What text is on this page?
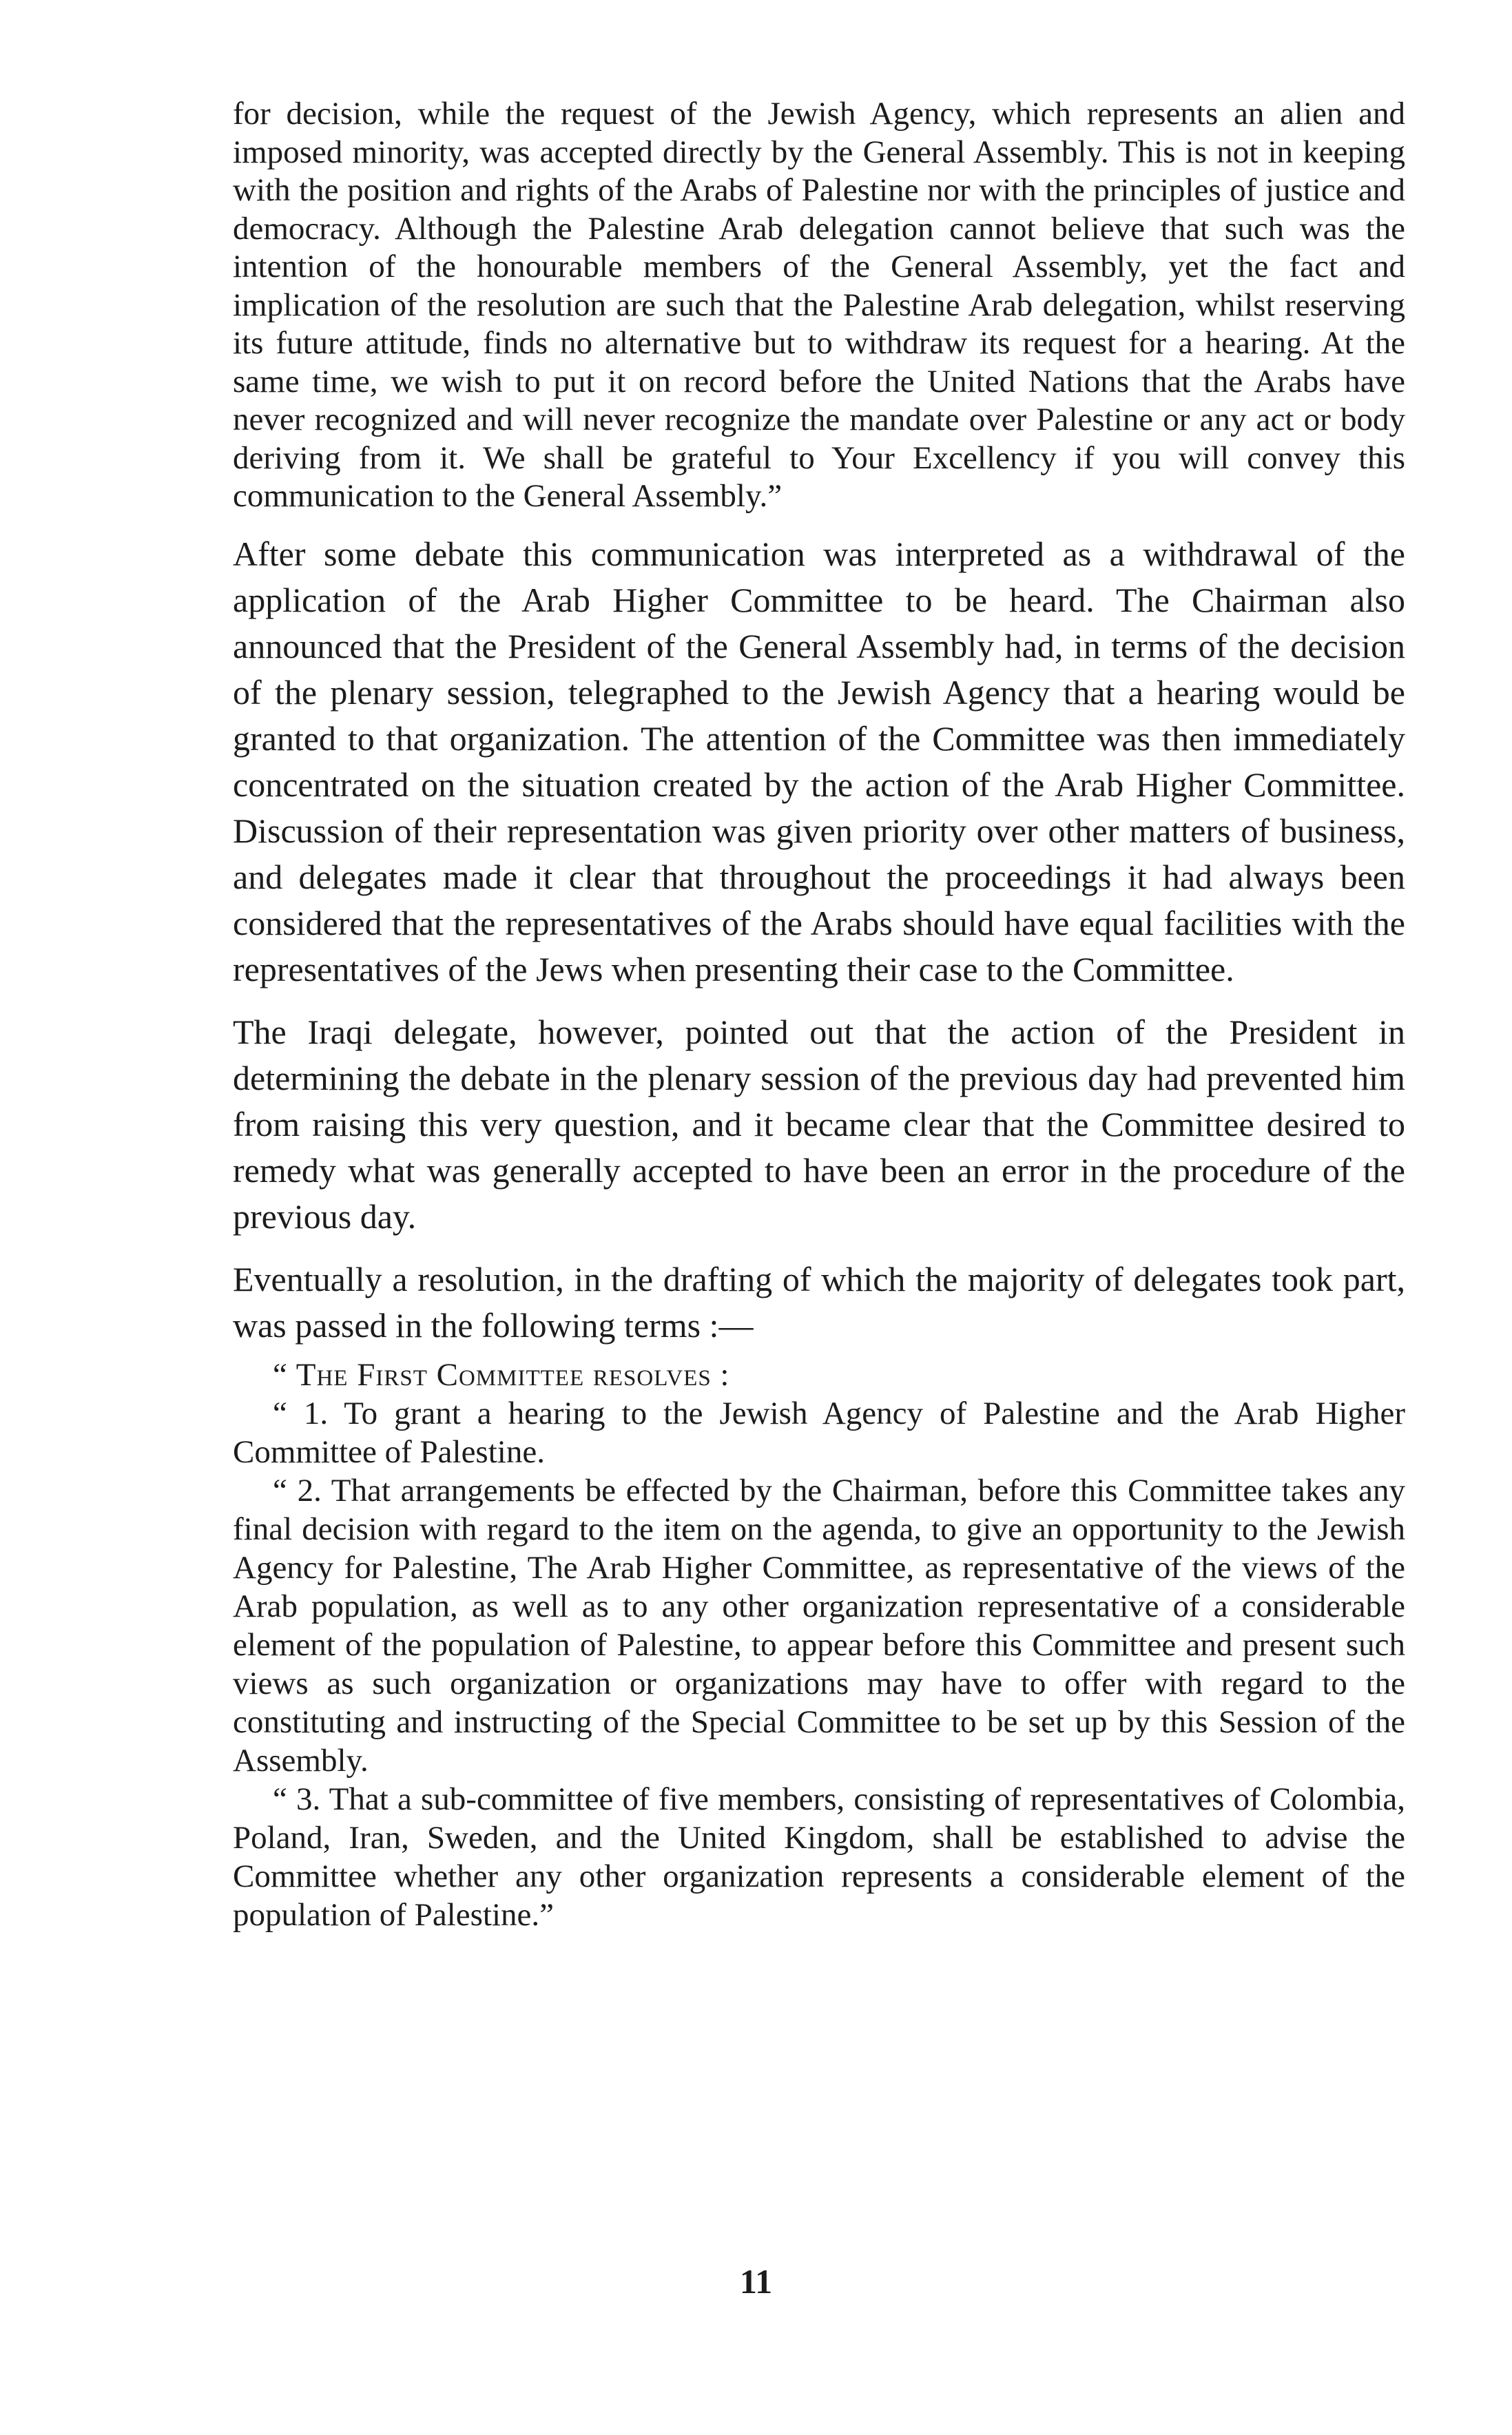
for decision, while the request of the Jewish Agency, which represents an alien and imposed minority, was accepted directly by the General Assembly. This is not in keeping with the position and rights of the Arabs of Palestine nor with the principles of justice and democracy. Although the Palestine Arab delegation cannot believe that such was the intention of the honourable members of the General Assembly, yet the fact and implication of the resolution are such that the Palestine Arab delegation, whilst reserving its future attitude, finds no alternative but to withdraw its request for a hearing. At the same time, we wish to put it on record before the United Nations that the Arabs have never recognized and will never recognize the mandate over Palestine or any act or body deriving from it. We shall be grateful to Your Excellency if you will convey this communication to the General Assembly.”

After some debate this communication was interpreted as a withdrawal of the application of the Arab Higher Committee to be heard. The Chairman also announced that the President of the General Assembly had, in terms of the decision of the plenary session, telegraphed to the Jewish Agency that a hearing would be granted to that organization. The attention of the Committee was then immediately concentrated on the situation created by the action of the Arab Higher Committee. Discussion of their representation was given priority over other matters of business, and delegates made it clear that throughout the proceedings it had always been considered that the representatives of the Arabs should have equal facilities with the representatives of the Jews when presenting their case to the Committee.

The Iraqi delegate, however, pointed out that the action of the President in determining the debate in the plenary session of the previous day had prevented him from raising this very question, and it became clear that the Committee desired to remedy what was generally accepted to have been an error in the procedure of the previous day.

Eventually a resolution, in the drafting of which the majority of delegates took part, was passed in the following terms :—

“ The First Committee resolves :

“ 1. To grant a hearing to the Jewish Agency of Palestine and the Arab Higher Committee of Palestine.

“ 2. That arrangements be effected by the Chairman, before this Committee takes any final decision with regard to the item on the agenda, to give an opportunity to the Jewish Agency for Palestine, The Arab Higher Committee, as representative of the views of the Arab population, as well as to any other organization representative of a considerable element of the population of Palestine, to appear before this Committee and present such views as such organization or organizations may have to offer with regard to the constituting and instructing of the Special Committee to be set up by this Session of the Assembly.

“ 3. That a sub-committee of five members, consisting of representatives of Colombia, Poland, Iran, Sweden, and the United Kingdom, shall be established to advise the Committee whether any other organization represents a considerable element of the population of Palestine.”

11
